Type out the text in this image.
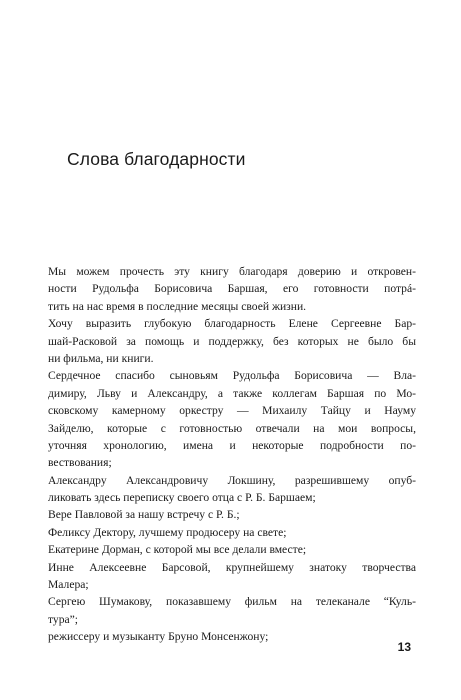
Слова благодарности
Мы можем прочесть эту книгу благодаря доверию и откровен-
ности Рудольфа Борисовича Баршая, его готовности потрá-
тить на нас время в последние месяцы своей жизни.
Хочу выразить глубокую благодарность Елене Сергеевне Бар-
шай-Расковой за помощь и поддержку, без которых не было бы
ни фильма, ни книги.
Сердечное спасибо сыновьям Рудольфа Борисовича — Вла-
димиру, Льву и Александру, а также коллегам Баршая по Мо-
сковскому камерному оркестру — Михаилу Тайцу и Науму
Зайделю, которые с готовностью отвечали на мои вопросы,
уточняя хронологию, имена и некоторые подробности по-
вествования;
Александру Александровичу Локшину, разрешившему опуб-
ликовать здесь переписку своего отца с Р. Б. Баршаем;
Вере Павловой за нашу встречу с Р. Б.;
Феликсу Дектору, лучшему продюсеру на свете;
Екатерине Дорман, с которой мы все делали вместе;
Инне Алексеевне Барсовой, крупнейшему знатоку творчества
Малера;
Сергею Шумакову, показавшему фильм на телеканале “Куль-
тура”;
режиссеру и музыканту Бруно Монсенжону;
13
